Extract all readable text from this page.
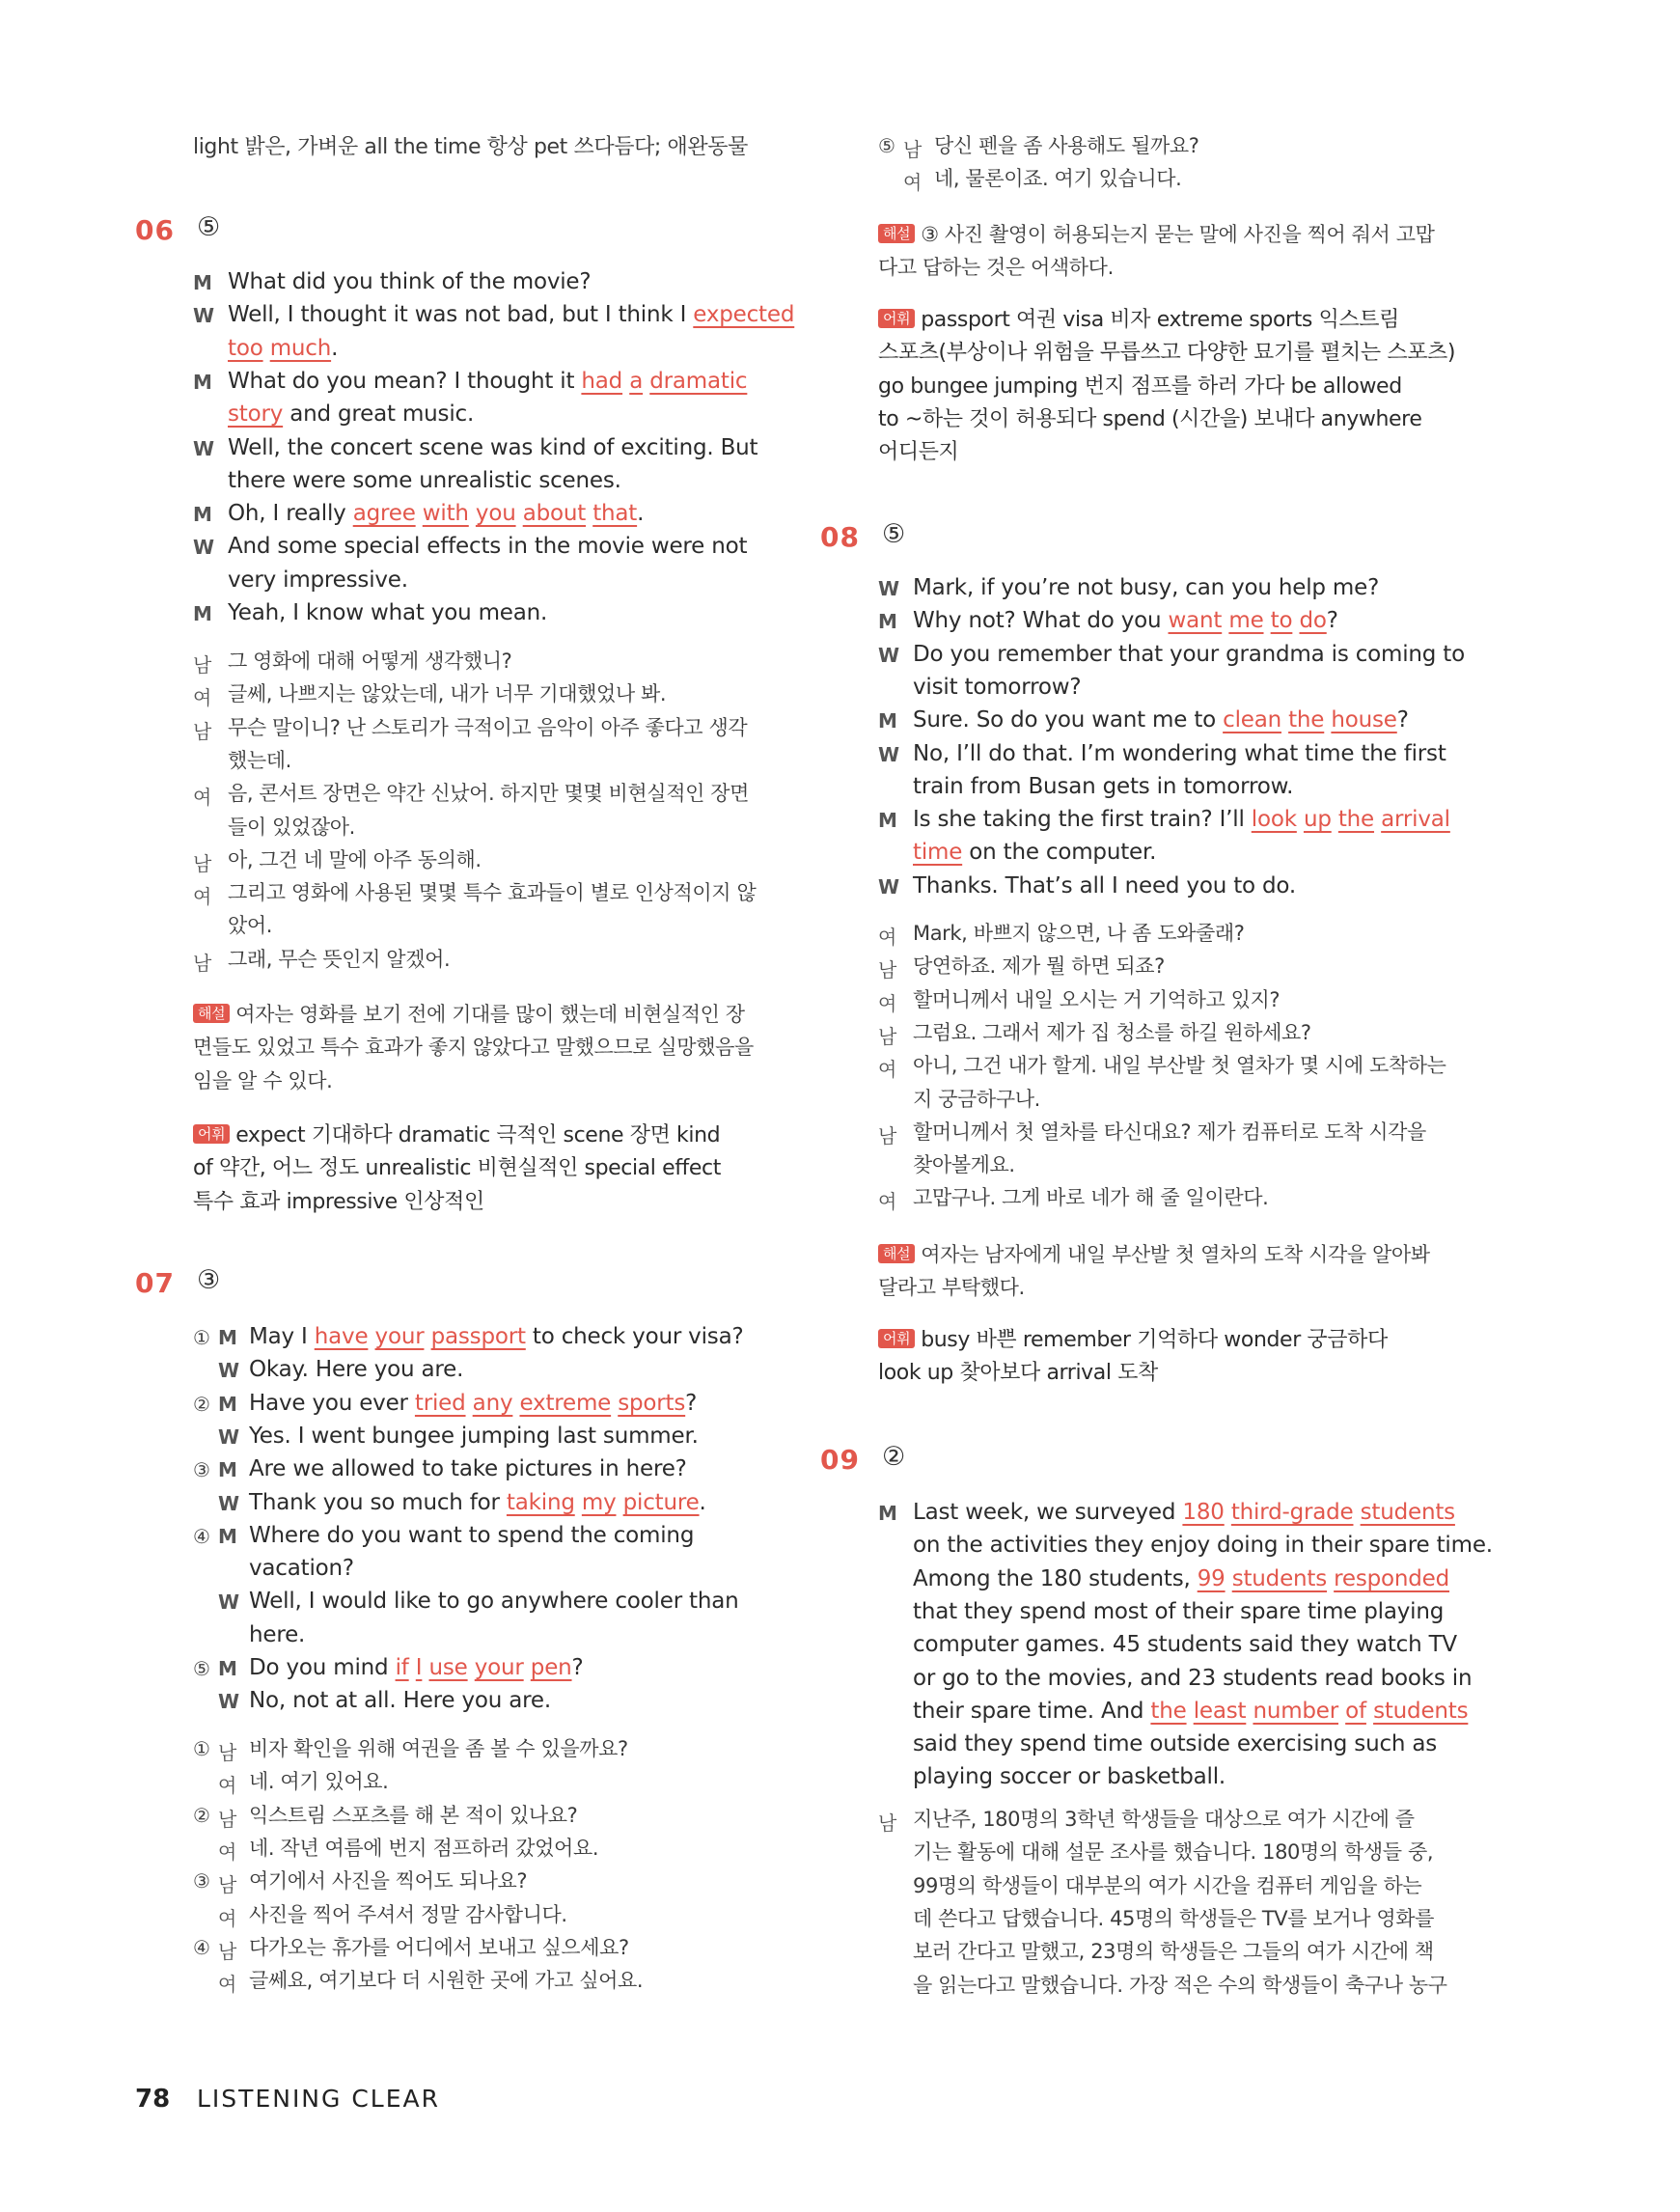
light 밝은, 가벼운 all the time 항상 pet 쓰다듬다; 애완동물
06 ⑤
M What did you think of the movie?
W Well, I thought it was not bad, but I think I expected
too much.
M What do you mean? I thought it had a dramatic
story and great music.
W Well, the concert scene was kind of exciting. But
there were some unrealistic scenes.
M Oh, I really agree with you about that.
W And some special effects in the movie were not
very impressive.
M Yeah, I know what you mean.
남 그 영화에 대해 어떻게 생각했니?
여 글쎄, 나쁘지는 않았는데, 내가 너무 기대했었나 봐.
남 무슨 말이니? 난 스토리가 극적이고 음악이 아주 좋다고 생각
했는데.
여 음, 콘서트 장면은 약간 신났어. 하지만 몇몇 비현실적인 장면
들이 있었잖아.
남 아, 그건 네 말에 아주 동의해.
여 그리고 영화에 사용된 몇몇 특수 효과들이 별로 인상적이지 않
았어.
남 그래, 무슨 뜻인지 알겠어.
해설 여자는 영화를 보기 전에 기대를 많이 했는데 비현실적인 장
면들도 있었고 특수 효과가 좋지 않았다고 말했으므로 실망했음을
임을 알 수 있다.
어휘 expect 기대하다 dramatic 극적인 scene 장면 kind
of 약간, 어느 정도 unrealistic 비현실적인 special effect
특수 효과 impressive 인상적인
07 ③
① M May I have your passport to check your visa?
W Okay. Here you are.
② M Have you ever tried any extreme sports?
W Yes. I went bungee jumping last summer.
③ M Are we allowed to take pictures in here?
W Thank you so much for taking my picture.
④ M Where do you want to spend the coming
vacation?
W Well, I would like to go anywhere cooler than
here.
⑤ M Do you mind if I use your pen?
W No, not at all. Here you are.
① 남 비자 확인을 위해 여권을 좀 볼 수 있을까요?
여 네. 여기 있어요.
② 남 익스트림 스포츠를 해 본 적이 있나요?
여 네. 작년 여름에 번지 점프하러 갔었어요.
③ 남 여기에서 사진을 찍어도 되나요?
여 사진을 찍어 주셔서 정말 감사합니다.
④ 남 다가오는 휴가를 어디에서 보내고 싶으세요?
여 글쎄요, 여기보다 더 시원한 곳에 가고 싶어요.
⑤ 남 당신 펜을 좀 사용해도 될까요?
여 네, 물론이죠. 여기 있습니다.
해설 ③ 사진 촬영이 허용되는지 묻는 말에 사진을 찍어 줘서 고맙
다고 답하는 것은 어색하다.
어휘 passport 여권 visa 비자 extreme sports 익스트림
스포츠(부상이나 위험을 무릅쓰고 다양한 묘기를 펼치는 스포츠)
go bungee jumping 번지 점프를 하러 가다 be allowed
to ~하는 것이 허용되다 spend (시간을) 보내다 anywhere
어디든지
08 ⑤
W Mark, if you’re not busy, can you help me?
M Why not? What do you want me to do?
W Do you remember that your grandma is coming to
visit tomorrow?
M Sure. So do you want me to clean the house?
W No, I’ll do that. I’m wondering what time the first
train from Busan gets in tomorrow.
M Is she taking the first train? I’ll look up the arrival
time on the computer.
W Thanks. That’s all I need you to do.
여 Mark, 바쁘지 않으면, 나 좀 도와줄래?
남 당연하죠. 제가 뭘 하면 되죠?
여 할머니께서 내일 오시는 거 기억하고 있지?
남 그럼요. 그래서 제가 집 청소를 하길 원하세요?
여 아니, 그건 내가 할게. 내일 부산발 첫 열차가 몇 시에 도착하는
지 궁금하구나.
남 할머니께서 첫 열차를 타신대요? 제가 컴퓨터로 도착 시각을
찾아볼게요.
여 고맙구나. 그게 바로 네가 해 줄 일이란다.
해설 여자는 남자에게 내일 부산발 첫 열차의 도착 시각을 알아봐
달라고 부탁했다.
어휘 busy 바쁜 remember 기억하다 wonder 궁금하다
look up 찾아보다 arrival 도착
09 ②
M Last week, we surveyed 180 third-grade students
on the activities they enjoy doing in their spare time.
Among the 180 students, 99 students responded
that they spend most of their spare time playing
computer games. 45 students said they watch TV
or go to the movies, and 23 students read books in
their spare time. And the least number of students
said they spend time outside exercising such as
playing soccer or basketball.
남 지난주, 180명의 3학년 학생들을 대상으로 여가 시간에 즐
기는 활동에 대해 설문 조사를 했습니다. 180명의 학생들 중,
99명의 학생들이 대부분의 여가 시간을 컴퓨터 게임을 하는
데 쓴다고 답했습니다. 45명의 학생들은 TV를 보거나 영화를
보러 간다고 말했고, 23명의 학생들은 그들의 여가 시간에 책
을 읽는다고 말했습니다. 가장 적은 수의 학생들이 축구나 농구
78 LISTENING CLEAR
